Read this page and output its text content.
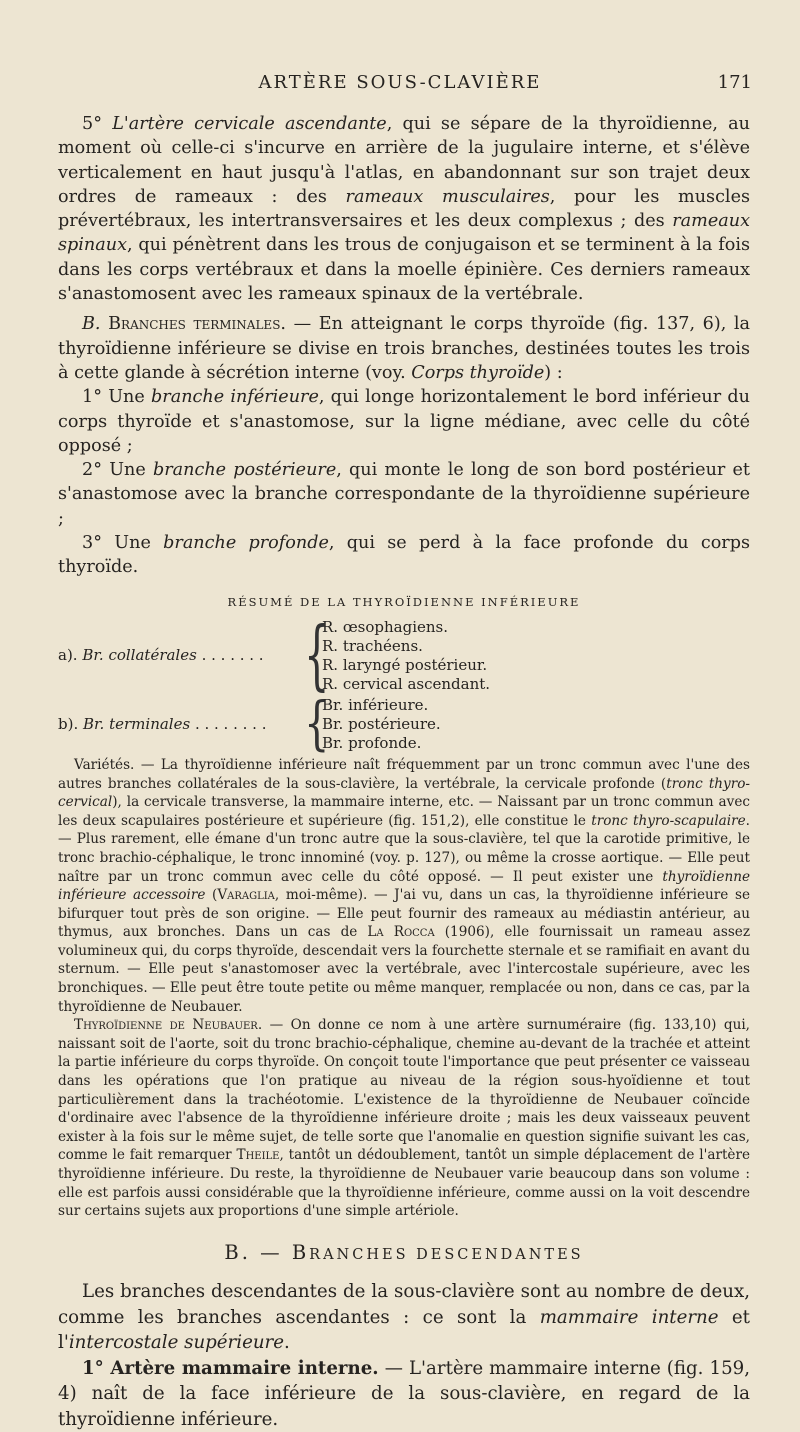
ARTÈRE SOUS-CLAVIÈRE	171

5° L'artère cervicale ascendante, qui se sépare de la thyroïdienne, au moment où celle-ci s'incurve en arrière de la jugulaire interne, et s'élève verticalement en haut jusqu'à l'atlas, en abandonnant sur son trajet deux ordres de rameaux : des rameaux musculaires, pour les muscles prévertébraux, les intertransversaires et les deux complexus ; des rameaux spinaux, qui pénètrent dans les trous de conjugaison et se terminent à la fois dans les corps vertébraux et dans la moelle épinière. Ces derniers rameaux s'anastomosent avec les rameaux spinaux de la vertébrale.

B. Branches terminales. — En atteignant le corps thyroïde (fig. 137, 6), la thyroïdienne inférieure se divise en trois branches, destinées toutes les trois à cette glande à sécrétion interne (voy. Corps thyroïde) :

1° Une branche inférieure, qui longe horizontalement le bord inférieur du corps thyroïde et s'anastomose, sur la ligne médiane, avec celle du côté opposé ;

2° Une branche postérieure, qui monte le long de son bord postérieur et s'anastomose avec la branche correspondante de la thyroïdienne supérieure ;

3° Une branche profonde, qui se perd à la face profonde du corps thyroïde.

RÉSUMÉ DE LA THYROÏDIENNE INFÉRIEURE
a). Br. collatérales . . . . . . .	{
R. œsophagiens.
R. trachéens.
R. laryngé postérieur.
R. cervical ascendant.
b). Br. terminales . . . . . . . . {
Br. inférieure.
Br. postérieure.
Br. profonde.

Variétés. — La thyroïdienne inférieure naît fréquemment par un tronc commun avec l'une des autres branches collatérales de la sous-clavière, la vertébrale, la cervicale profonde (tronc thyro-cervical), la cervicale transverse, la mammaire interne, etc. — Naissant par un tronc commun avec les deux scapulaires postérieure et supérieure (fig. 151,2), elle constitue le tronc thyro-scapulaire. — Plus rarement, elle émane d'un tronc autre que la sous-clavière, tel que la carotide primitive, le tronc brachio-céphalique, le tronc innominé (voy. p. 127), ou même la crosse aortique. — Elle peut naître par un tronc commun avec celle du côté opposé. — Il peut exister une thyroïdienne inférieure accessoire (Varaglia, moi-même). — J'ai vu, dans un cas, la thyroïdienne inférieure se bifurquer tout près de son origine. — Elle peut fournir des rameaux au médiastin antérieur, au thymus, aux bronches. Dans un cas de La Rocca (1906), elle fournissait un rameau assez volumineux qui, du corps thyroïde, descendait vers la fourchette sternale et se ramifiait en avant du sternum. — Elle peut s'anastomoser avec la vertébrale, avec l'intercostale supérieure, avec les bronchiques. — Elle peut être toute petite ou même manquer, remplacée ou non, dans ce cas, par la thyroïdienne de Neubauer.

Thyroïdienne de Neubauer. — On donne ce nom à une artère surnuméraire (fig. 133,10) qui, naissant soit de l'aorte, soit du tronc brachio-céphalique, chemine au-devant de la trachée et atteint la partie inférieure du corps thyroïde. On conçoit toute l'importance que peut présenter ce vaisseau dans les opérations que l'on pratique au niveau de la région sous-hyoïdienne et tout particulièrement dans la trachéotomie. L'existence de la thyroïdienne de Neubauer coïncide d'ordinaire avec l'absence de la thyroïdienne inférieure droite ; mais les deux vaisseaux peuvent exister à la fois sur le même sujet, de telle sorte que l'anomalie en question signifie suivant les cas, comme le fait remarquer Theile, tantôt un dédoublement, tantôt un simple déplacement de l'artère thyroïdienne inférieure. Du reste, la thyroïdienne de Neubauer varie beaucoup dans son volume : elle est parfois aussi considérable que la thyroïdienne inférieure, comme aussi on la voit descendre sur certains sujets aux proportions d'une simple artériole.

B. — BRANCHES DESCENDANTES

Les branches descendantes de la sous-clavière sont au nombre de deux, comme les branches ascendantes : ce sont la mammaire interne et l'intercostale supérieure.

1° Artère mammaire interne. — L'artère mammaire interne (fig. 159, 4) naît de la face inférieure de la sous-clavière, en regard de la thyroïdienne inférieure.
